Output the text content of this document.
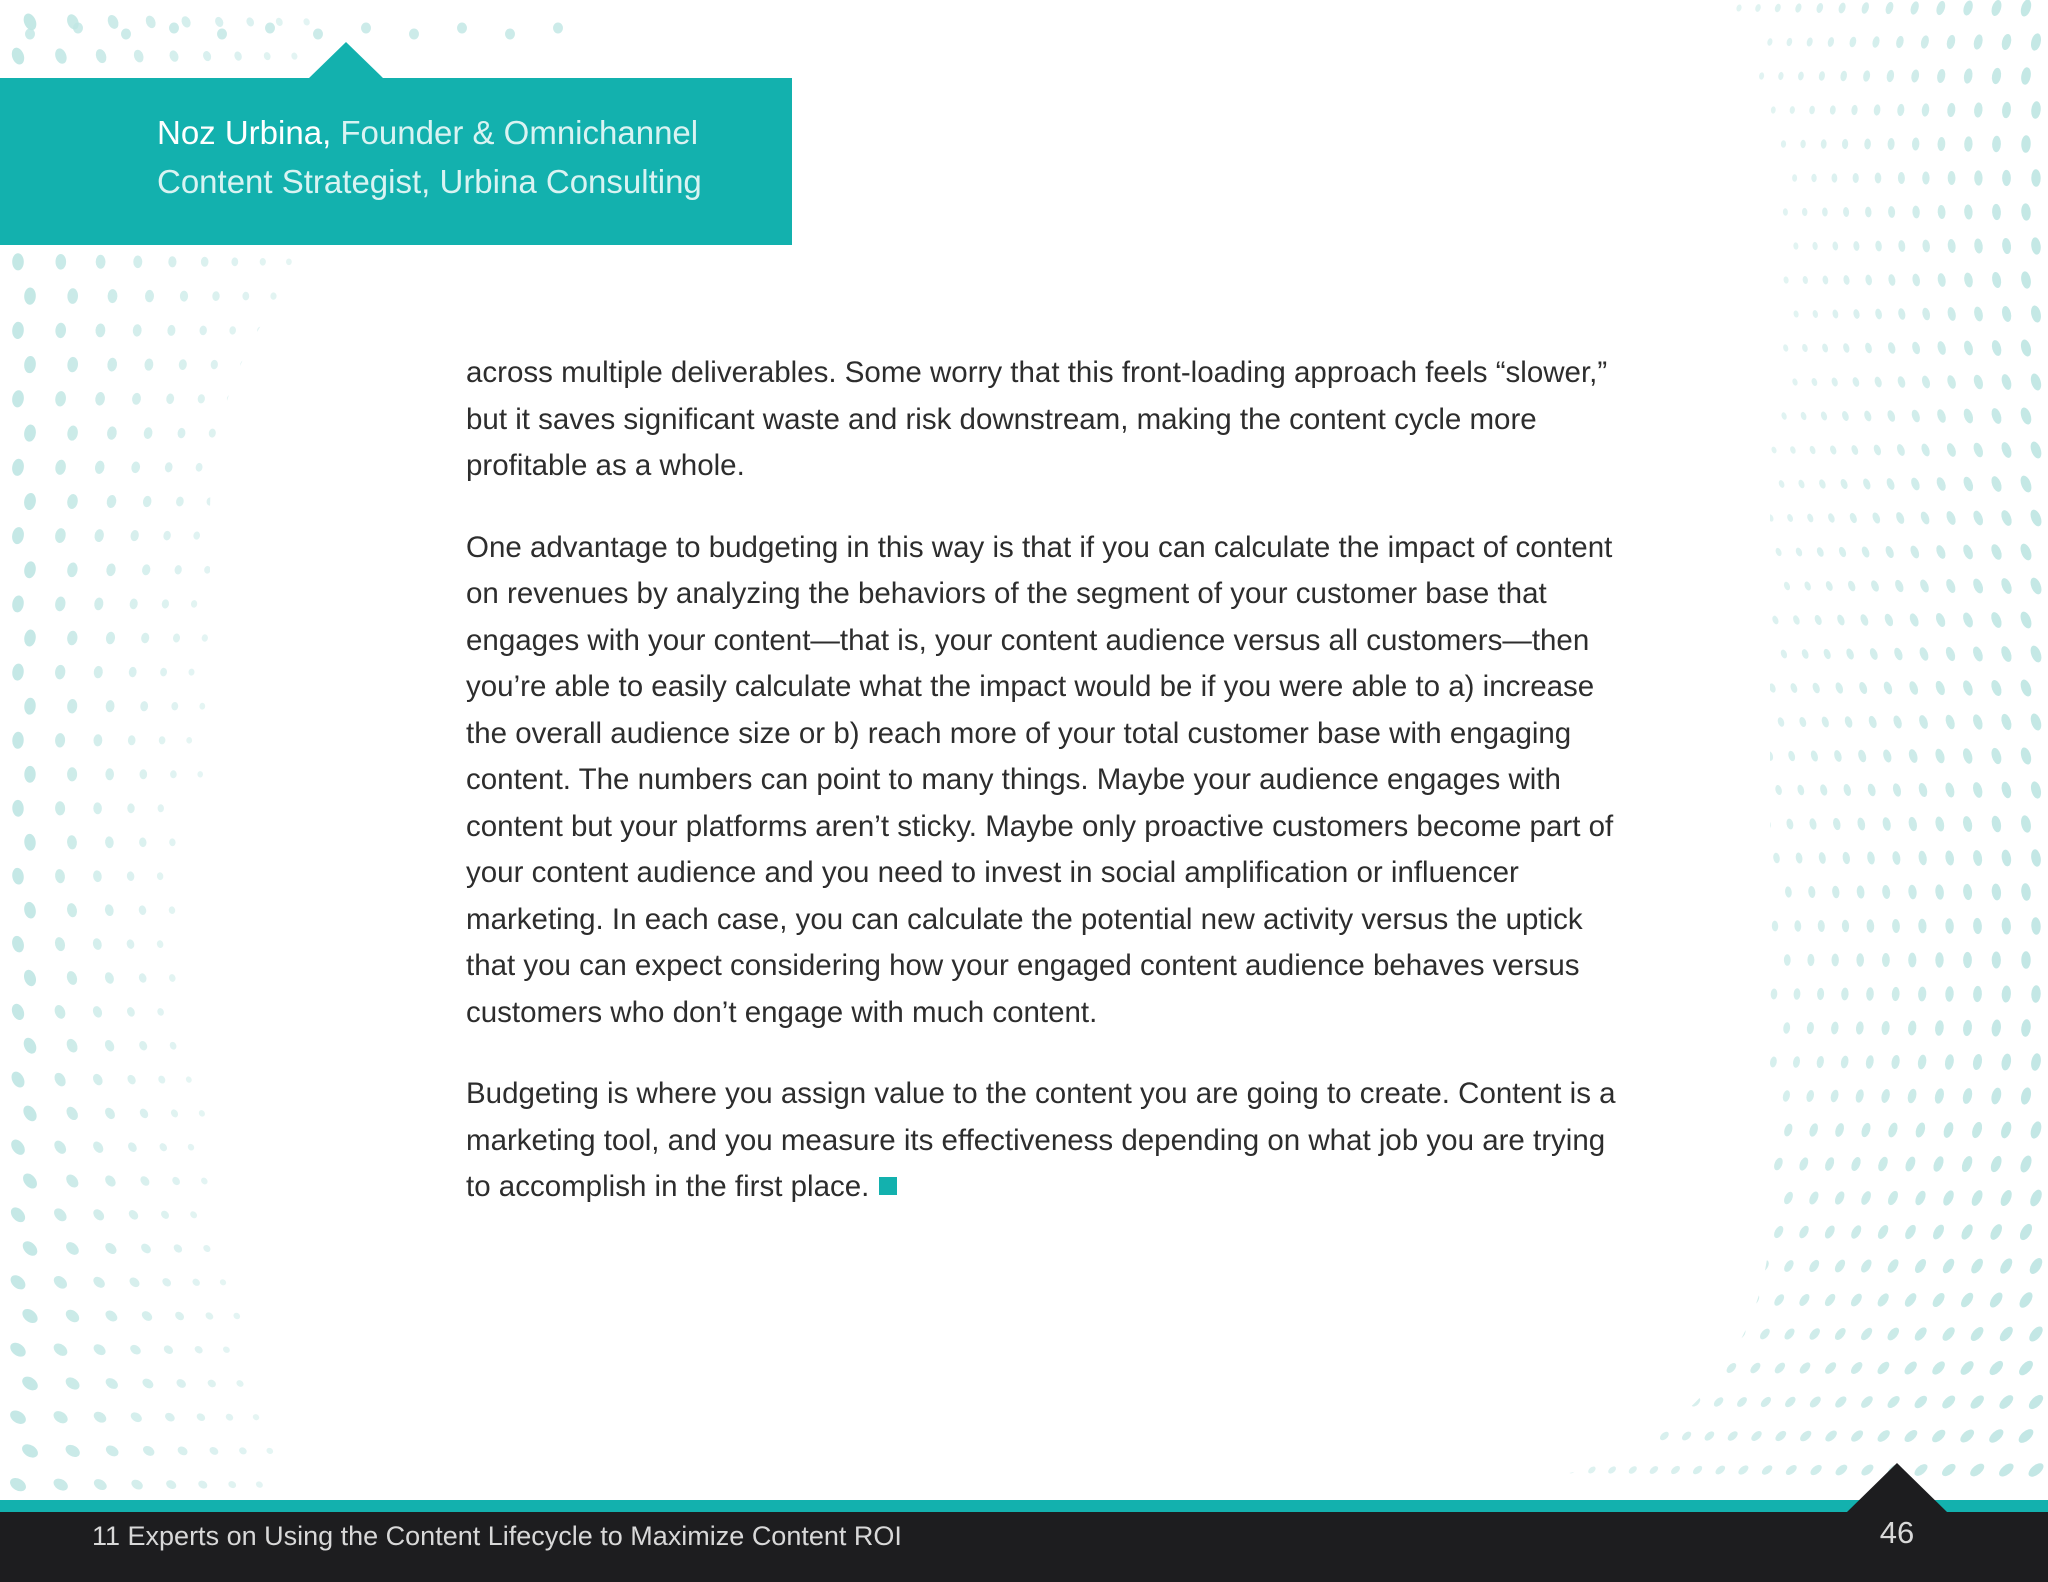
Noz Urbina, Founder & Omnichannel
Content Strategist, Urbina Consulting

across multiple deliverables. Some worry that this front-loading approach feels “slower,” but it saves significant waste and risk downstream, making the content cycle more profitable as a whole.

One advantage to budgeting in this way is that if you can calculate the impact of content on revenues by analyzing the behaviors of the segment of your customer base that engages with your content—that is, your content audience versus all customers—then you’re able to easily calculate what the impact would be if you were able to a) increase the overall audience size or b) reach more of your total customer base with engaging content. The numbers can point to many things. Maybe your audience engages with content but your platforms aren’t sticky. Maybe only proactive customers become part of your content audience and you need to invest in social amplification or influencer marketing. In each case, you can calculate the potential new activity versus the uptick that you can expect considering how your engaged content audience behaves versus customers who don’t engage with much content.

Budgeting is where you assign value to the content you are going to create. Content is a marketing tool, and you measure its effectiveness depending on what job you are trying to accomplish in the first place.

11 Experts on Using the Content Lifecycle to Maximize Content ROI	46
